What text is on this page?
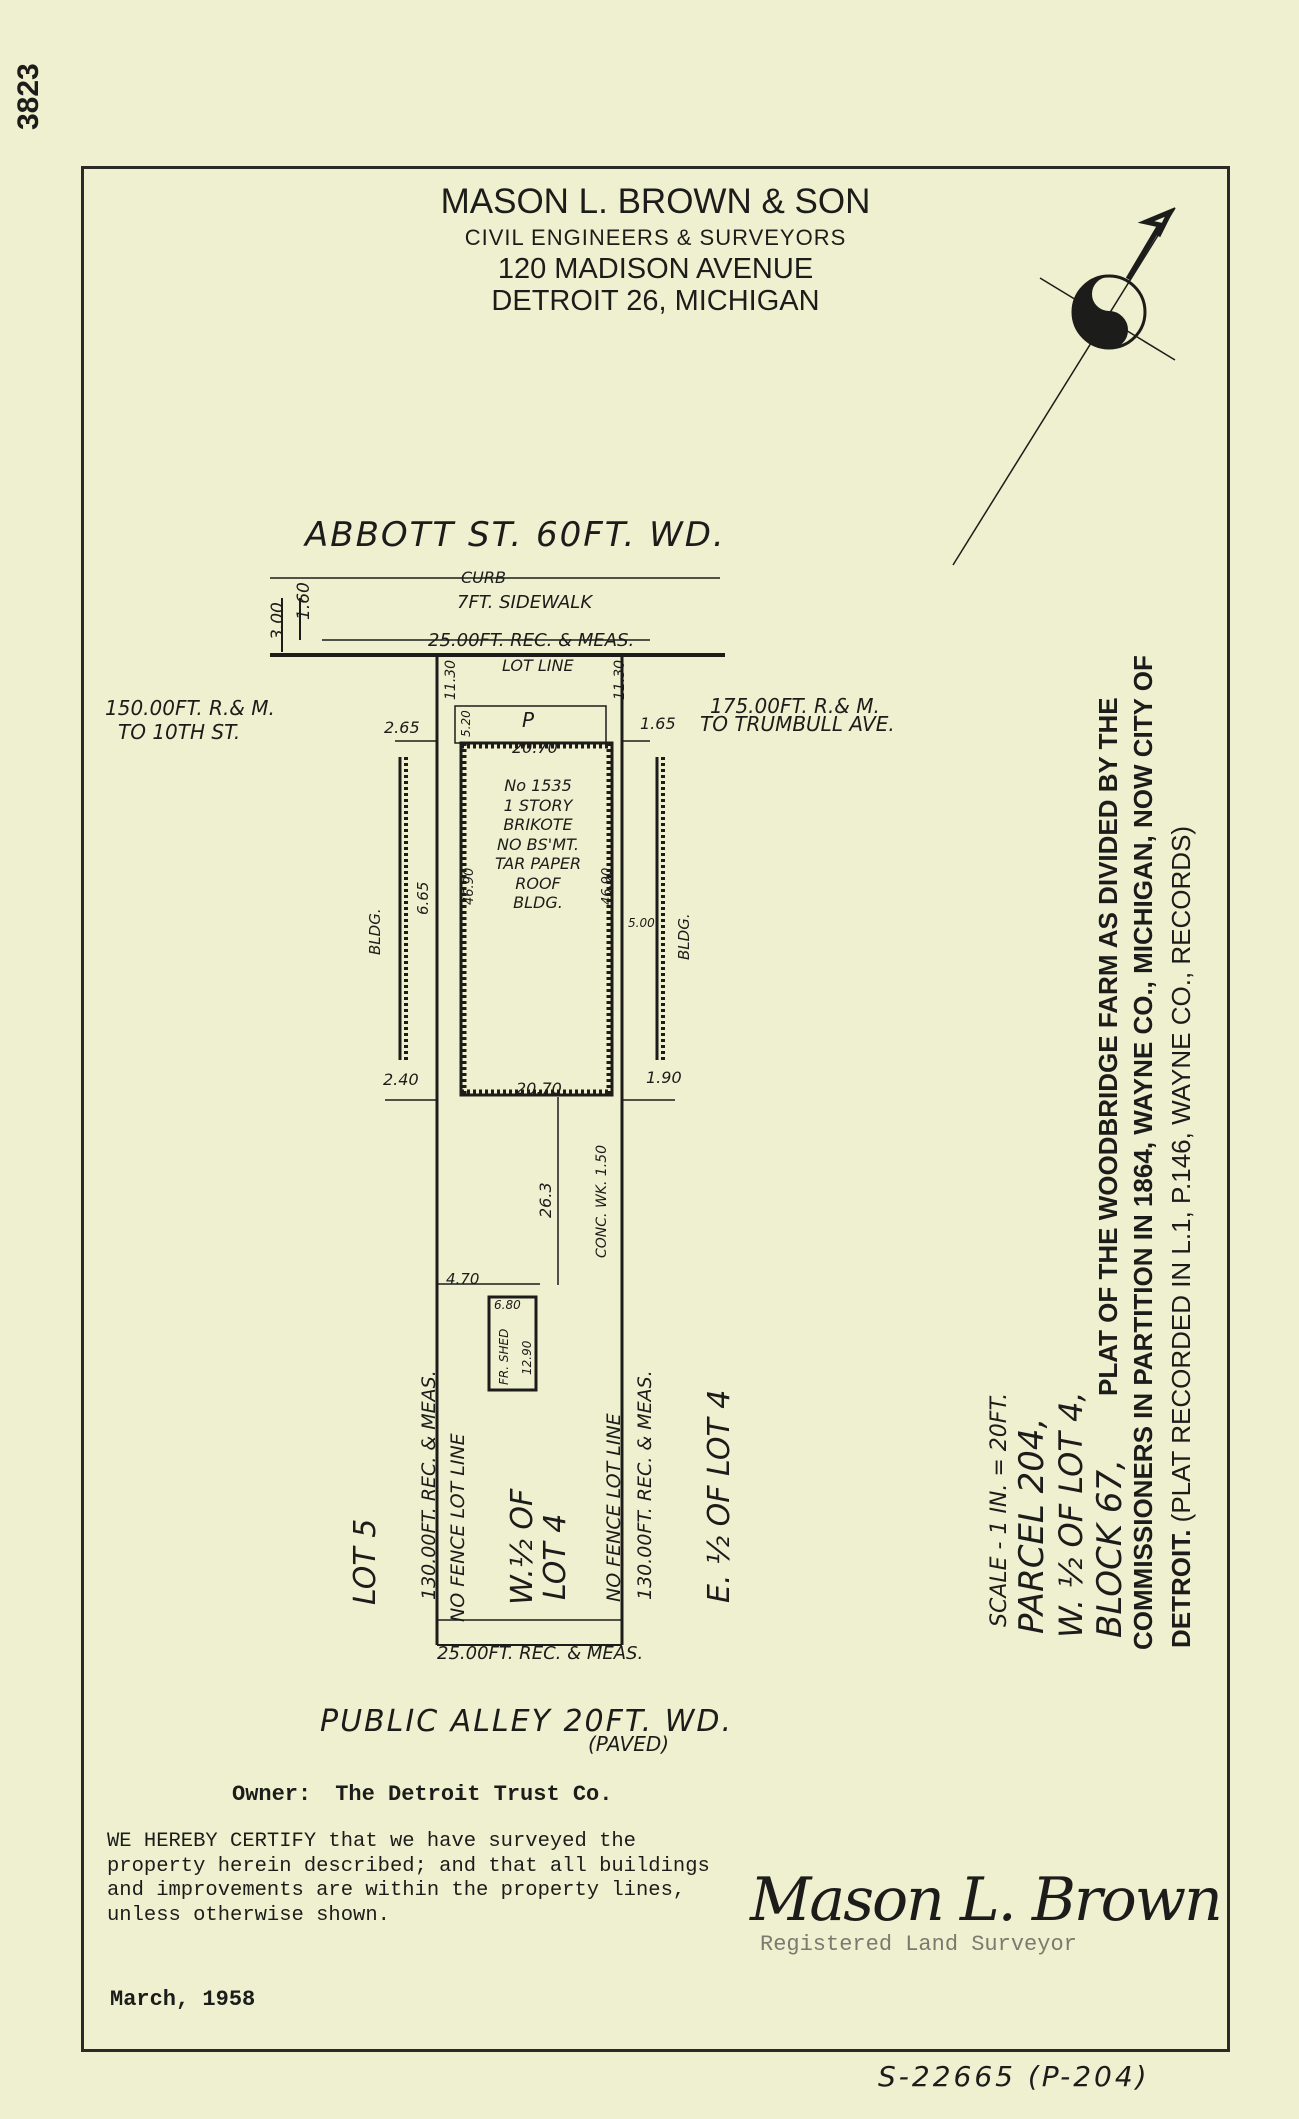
3823
MASON L. BROWN & SON
CIVIL ENGINEERS & SURVEYORS
120 MADISON AVENUE
DETROIT 26, MICHIGAN
ABBOTT ST. 60FT. WD.
CURB
7FT. SIDEWALK
3.00
1.60
25.00FT. REC. & MEAS.
LOT LINE
150.00FT. R.& M.
TO 10TH ST.
175.00FT. R.& M.
TO TRUMBULL AVE.
2.65	1.65
11.30	11.30
5.20 P
20.70
20.70
No 1535
1 STORY
BRIKOTE
NO BS'MT.
TAR PAPER
ROOF
BLDG.
46.90	46.90
6.65
5.00
BLDG.	BLDG.
2.40	1.90
26.3	CONC. WK. 1.50
4.70
6.80
FR. SHED 12.90
130.00FT. REC. & MEAS. NO FENCE LOT LINE	NO FENCE LOT LINE 130.00FT. REC. & MEAS.
LOT 5	W.½ OF
LOT 4	E. ½ OF LOT 4
25.00FT. REC. & MEAS.
PUBLIC ALLEY 20FT. WD.
(PAVED)
SCALE - 1 IN. = 20FT. PARCEL 204, W. ½ OF LOT 4, BLOCK 67,
PLAT OF THE WOODBRIDGE FARM AS DIVIDED BY THE COMMISSIONERS IN PARTITION IN 1864, WAYNE CO., MICHIGAN, NOW CITY OF DETROIT. (PLAT RECORDED IN L.1, P.146, WAYNE CO., RECORDS)
Owner: The Detroit Trust Co.
WE HEREBY CERTIFY that we have surveyed the property herein described; and that all buildings and improvements are within the property lines, unless otherwise shown.	Mason L. Brown
Registered Land Surveyor
March, 1958
S-22665 (P-204)
